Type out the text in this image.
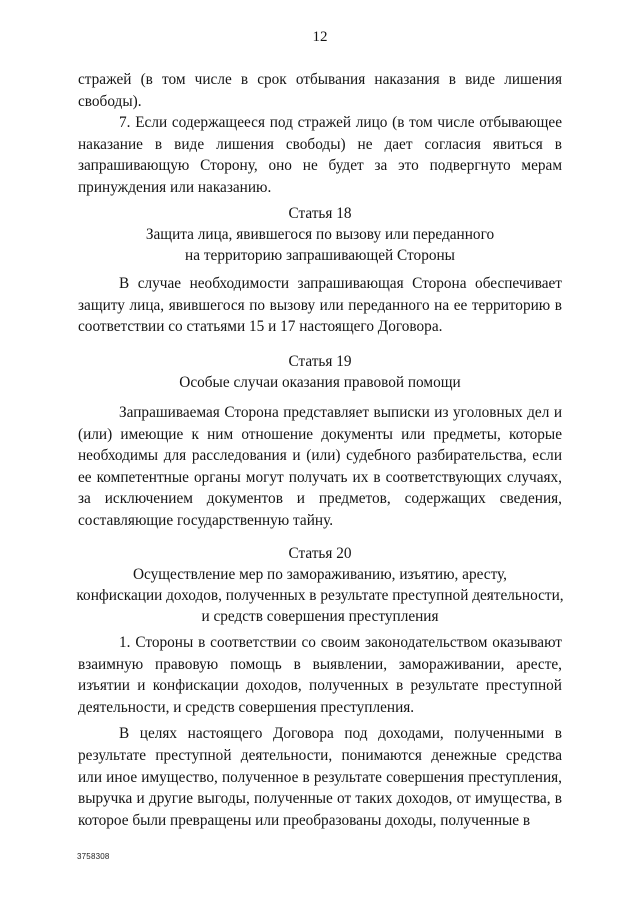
12

стражей (в том числе в срок отбывания наказания в виде лишения свободы).

7. Если содержащееся под стражей лицо (в том числе отбывающее наказание в виде лишения свободы) не дает согласия явиться в запрашивающую Сторону, оно не будет за это подвергнуто мерам принуждения или наказанию.

Статья 18
Защита лица, явившегося по вызову или переданного
на территорию запрашивающей Стороны

В случае необходимости запрашивающая Сторона обеспечивает защиту лица, явившегося по вызову или переданного на ее территорию в соответствии со статьями 15 и 17 настоящего Договора.

Статья 19
Особые случаи оказания правовой помощи

Запрашиваемая Сторона представляет выписки из уголовных дел и (или) имеющие к ним отношение документы или предметы, которые необходимы для расследования и (или) судебного разбирательства, если ее компетентные органы могут получать их в соответствующих случаях, за исключением документов и предметов, содержащих сведения, составляющие государственную тайну.

Статья 20
Осуществление мер по замораживанию, изъятию, аресту,
конфискации доходов, полученных в результате преступной деятельности,
и средств совершения преступления

1. Стороны в соответствии со своим законодательством оказывают взаимную правовую помощь в выявлении, замораживании, аресте, изъятии и конфискации доходов, полученных в результате преступной деятельности, и средств совершения преступления.

В целях настоящего Договора под доходами, полученными в результате преступной деятельности, понимаются денежные средства или иное имущество, полученное в результате совершения преступления, выручка и другие выгоды, полученные от таких доходов, от имущества, в которое были превращены или преобразованы доходы, полученные в

3758308
